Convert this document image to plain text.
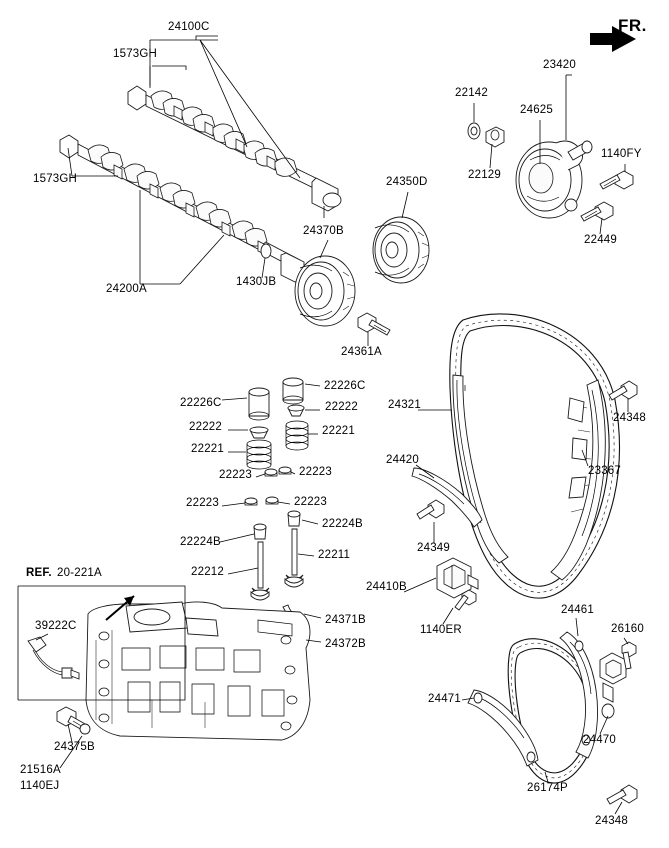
24100C
1573GH
23420
22142
24625
22129
1140FY
1573GH	24350D
22449
24370B
24200A
1430JB
24361A
22226C
22226C	24321
22222
24348
22222	22221
22221
24420
22223	22223	23367
22223	22223
22224B
24349
22224B
22211
22212
24461
24410B
REF. 20-221A
24371B
26160
39222C	1140ER
24372B
24471
24470
24375B
26174P
21516A
1140EJ
24348
FR.
